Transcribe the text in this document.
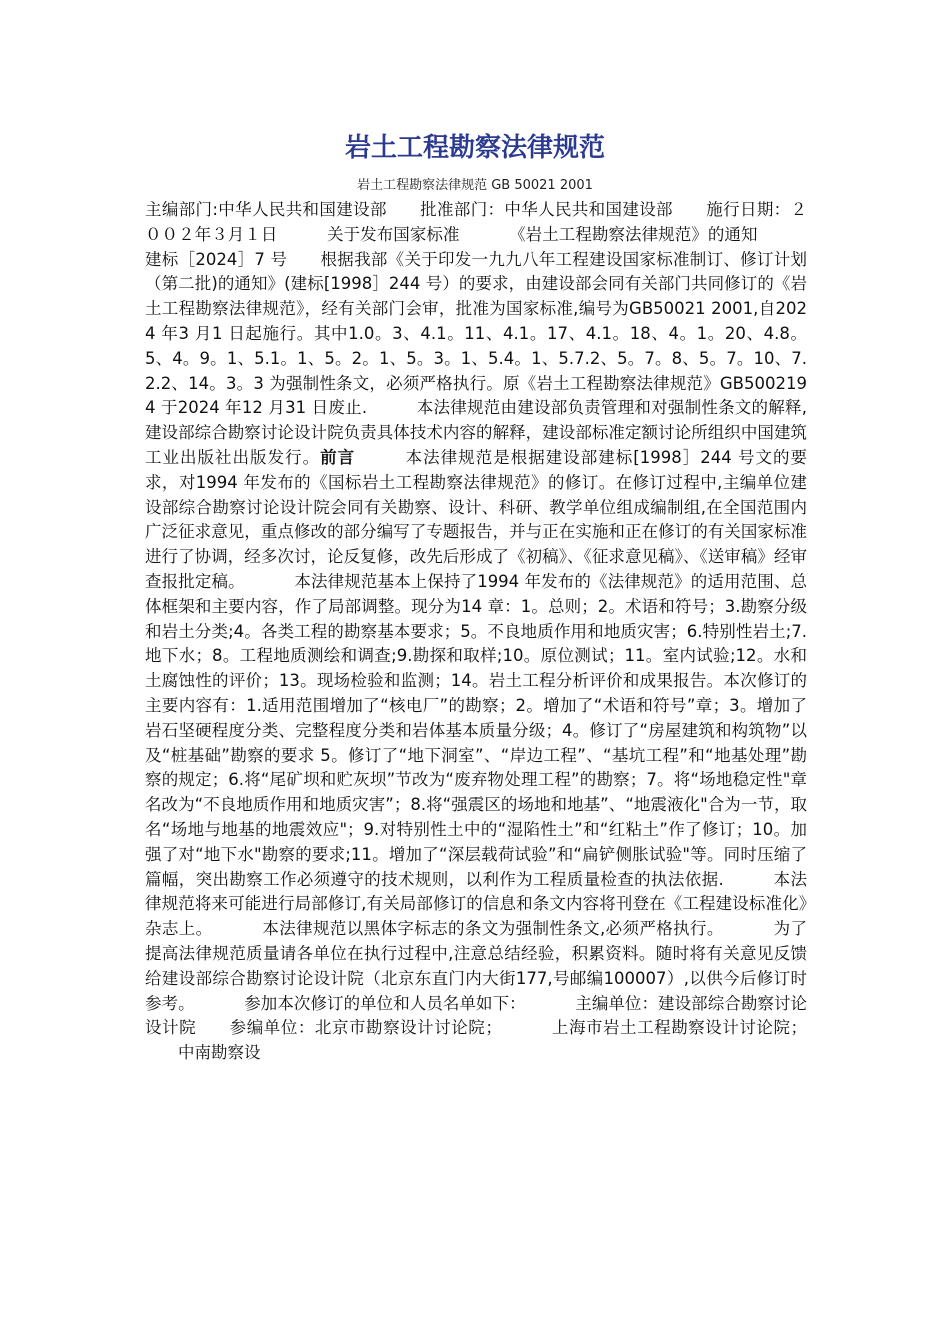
岩土工程勘察法律规范
岩土工程勘察法律规范 GB 50021 2001
主编部门:中华人民共和国建设部 批准部门：中华人民共和国建设部 施行日期：２００２年３月１日	关于发布国家标准	《岩土工程勘察法律规范》的通知建标［2024］7 号 根据我部《关于印发一九九八年工程建设国家标准制订、修订计划（第二批)的通知》(建标[1998］244 号）的要求，由建设部会同有关部门共同修订的《岩土工程勘察法律规范》，经有关部门会审，批准为国家标准,编号为GB50021 2001,自2024 年3 月1 日起施行。其中1.0。3、4.1。11、4.1。17、4.1。18、4。1。20、4.8。5、4。9。1、5.1。1、5。2。1、5。3。1、5.4。1、5.7.2、5。7。8、5。7。10、7.2.2、14。3。3 为强制性条文，必须严格执行。原《岩土工程勘察法律规范》GB5002194 于2024 年12 月31 日废止.	本法律规范由建设部负责管理和对强制性条文的解释,建设部综合勘察讨论设计院负责具体技术内容的解释，建设部标准定额讨论所组织中国建筑工业出版社出版发行。前言	本法律规范是根据建设部建标[1998］244 号文的要求，对1994 年发布的《国标岩土工程勘察法律规范》的修订。在修订过程中,主编单位建设部综合勘察讨论设计院会同有关勘察、设计、科研、教学单位组成编制组,在全国范围内广泛征求意见，重点修改的部分编写了专题报告，并与正在实施和正在修订的有关国家标准进行了协调，经多次讨，论反复修，改先后形成了《初稿》、《征求意见稿》、《送审稿》经审查报批定稿。	本法律规范基本上保持了1994 年发布的《法律规范》的适用范围、总体框架和主要内容，作了局部调整。现分为14 章：1。总则；2。术语和符号；3.勘察分级和岩土分类;4。各类工程的勘察基本要求；5。不良地质作用和地质灾害；6.特别性岩土;7.地下水；8。工程地质测绘和调查;9.勘探和取样;10。原位测试；11。室内试验;12。水和土腐蚀性的评价；13。现场检验和监测；14。岩土工程分析评价和成果报告。本次修订的主要内容有：1.适用范围增加了“核电厂”的勘察；2。增加了“术语和符号”章；3。增加了岩石坚硬程度分类、完整程度分类和岩体基本质量分级；4。修订了“房屋建筑和构筑物”以及“桩基础”勘察的要求 5。修订了“地下洞室”、“岸边工程”、“基坑工程”和“地基处理”勘察的规定；6.将“尾矿坝和贮灰坝”节改为“废弃物处理工程”的勘察；7。将“场地稳定性"章名改为“不良地质作用和地质灾害”；8.将“强震区的场地和地基”、“地震液化"合为一节，取名“场地与地基的地震效应"；9.对特别性土中的“湿陷性土”和“红粘土”作了修订；10。加强了对“地下水"勘察的要求;11。增加了“深层载荷试验”和“扁铲侧胀试验"等。同时压缩了篇幅，突出勘察工作必须遵守的技术规则，以利作为工程质量检查的执法依据.	本法律规范将来可能进行局部修订,有关局部修订的信息和条文内容将刊登在《工程建设标准化》杂志上。	本法律规范以黑体字标志的条文为强制性条文,必须严格执行。	为了提高法律规范质量请各单位在执行过程中,注意总结经验，积累资料。随时将有关意见反馈给建设部综合勘察讨论设计院（北京东直门内大街177,号邮编100007）,以供今后修订时参考。	参加本次修订的单位和人员名单如下：	主编单位：建设部综合勘察讨论设计院 参编单位：北京市勘察设计讨论院；	上海市岩土工程勘察设计讨论院；中南勘察设
